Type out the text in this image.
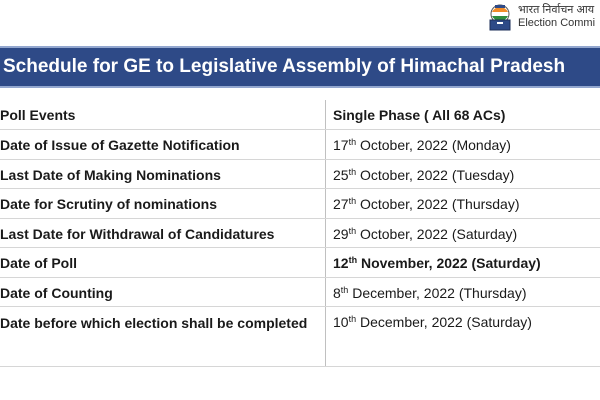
भारत निर्वाचन आय
Election Commi
Schedule for GE to Legislative Assembly of Himachal Pradesh
Poll Events	Single Phase ( All 68 ACs)
Date of Issue of Gazette Notification	17th October, 2022 (Monday)
Last Date of Making Nominations	25th October, 2022 (Tuesday)
Date for Scrutiny of nominations	27th October, 2022 (Thursday)
Last Date for Withdrawal of Candidatures	29th October, 2022 (Saturday)
Date of Poll	12th November, 2022 (Saturday)
Date of Counting	8th December, 2022 (Thursday)
Date before which election shall be completed	10th December, 2022 (Saturday)
